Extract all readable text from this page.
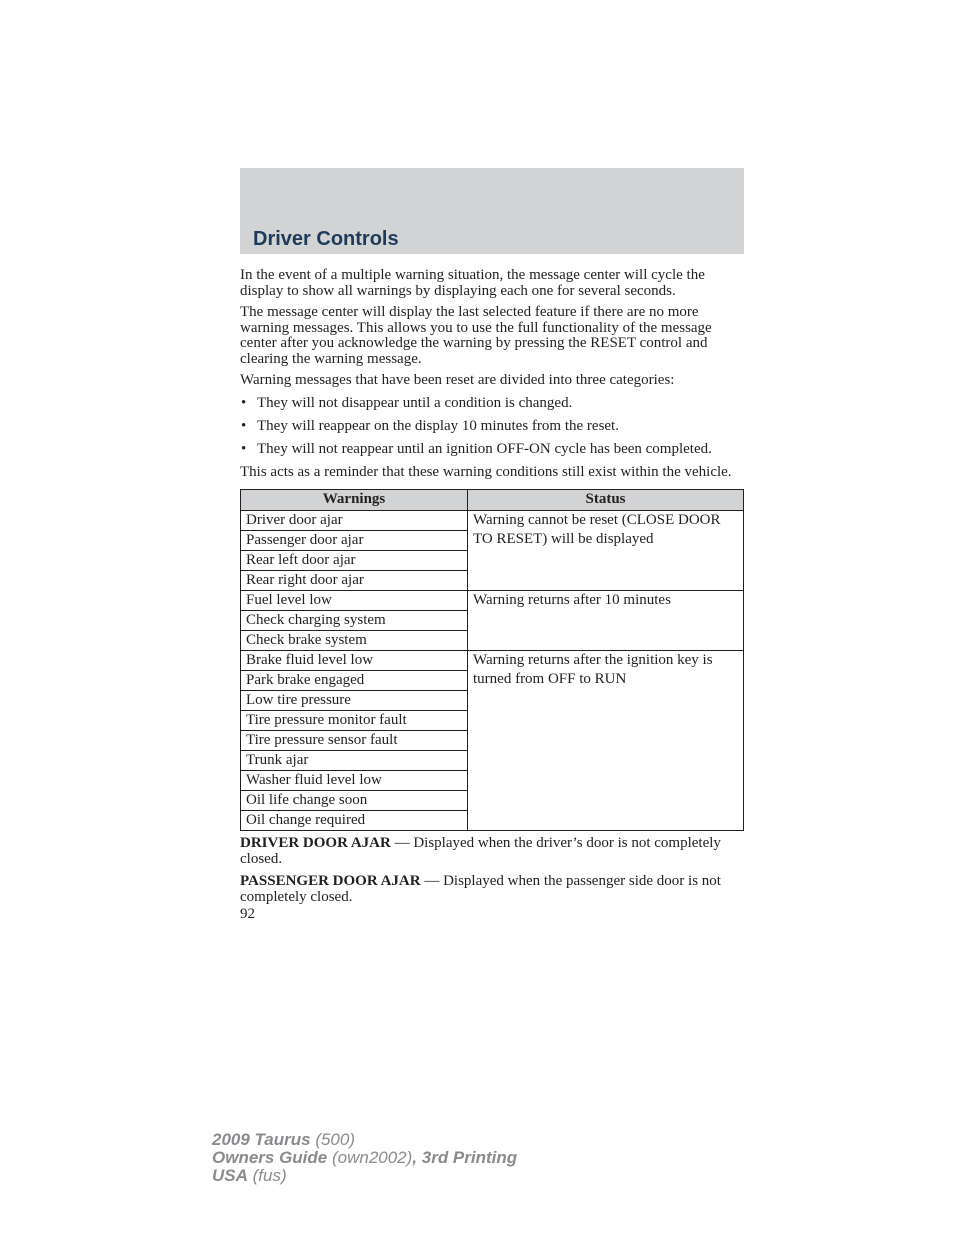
Driver Controls

In the event of a multiple warning situation, the message center will cycle the display to show all warnings by displaying each one for several seconds.

The message center will display the last selected feature if there are no more warning messages. This allows you to use the full functionality of the message center after you acknowledge the warning by pressing the RESET control and clearing the warning message.

Warning messages that have been reset are divided into three categories:

• They will not disappear until a condition is changed.
• They will reappear on the display 10 minutes from the reset.
• They will not reappear until an ignition OFF-ON cycle has been completed.

This acts as a reminder that these warning conditions still exist within the vehicle.

Warnings	Status
Driver door ajar	Warning cannot be reset (CLOSE DOOR TO RESET) will be displayed
Passenger door ajar	
Rear left door ajar	
Rear right door ajar	
Fuel level low	Warning returns after 10 minutes
Check charging system	
Check brake system	
Brake fluid level low	Warning returns after the ignition key is turned from OFF to RUN
Park brake engaged	
Low tire pressure	
Tire pressure monitor fault	
Tire pressure sensor fault	
Trunk ajar	
Washer fluid level low	
Oil life change soon	
Oil change required	

DRIVER DOOR AJAR — Displayed when the driver’s door is not completely closed.

PASSENGER DOOR AJAR — Displayed when the passenger side door is not completely closed.

92
2009 Taurus (500)
Owners Guide (own2002), 3rd Printing
USA (fus)
